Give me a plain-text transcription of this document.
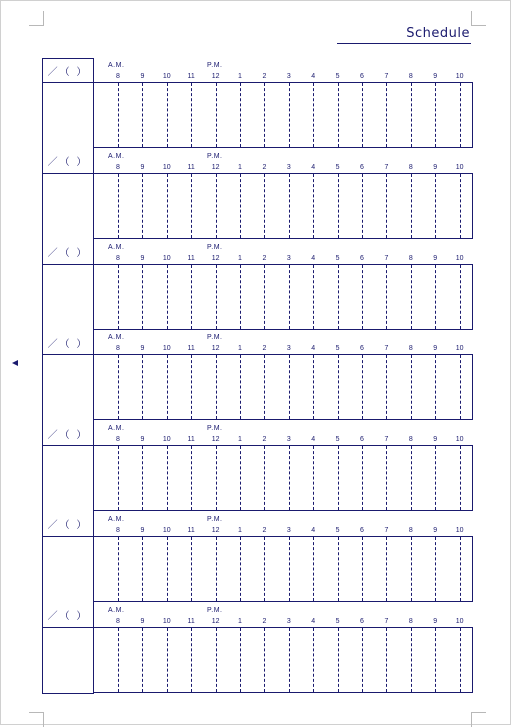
Schedule
／（ ）
A.M.	P.M.
8	9	10	11	12	1	2	3	4	5	6	7	8	9	10
／（ ）
A.M.	P.M.
8	9	10	11	12	1	2	3	4	5	6	7	8	9	10
／（ ）
A.M.	P.M.
8	9	10	11	12	1	2	3	4	5	6	7	8	9	10
／（ ）
A.M.	P.M.
8	9	10	11	12	1	2	3	4	5	6	7	8	9	10
／（ ）
A.M.	P.M.
8	9	10	11	12	1	2	3	4	5	6	7	8	9	10
／（ ）
A.M.	P.M.
8	9	10	11	12	1	2	3	4	5	6	7	8	9	10
／（ ）
A.M.	P.M.
8	9	10	11	12	1	2	3	4	5	6	7	8	9	10
